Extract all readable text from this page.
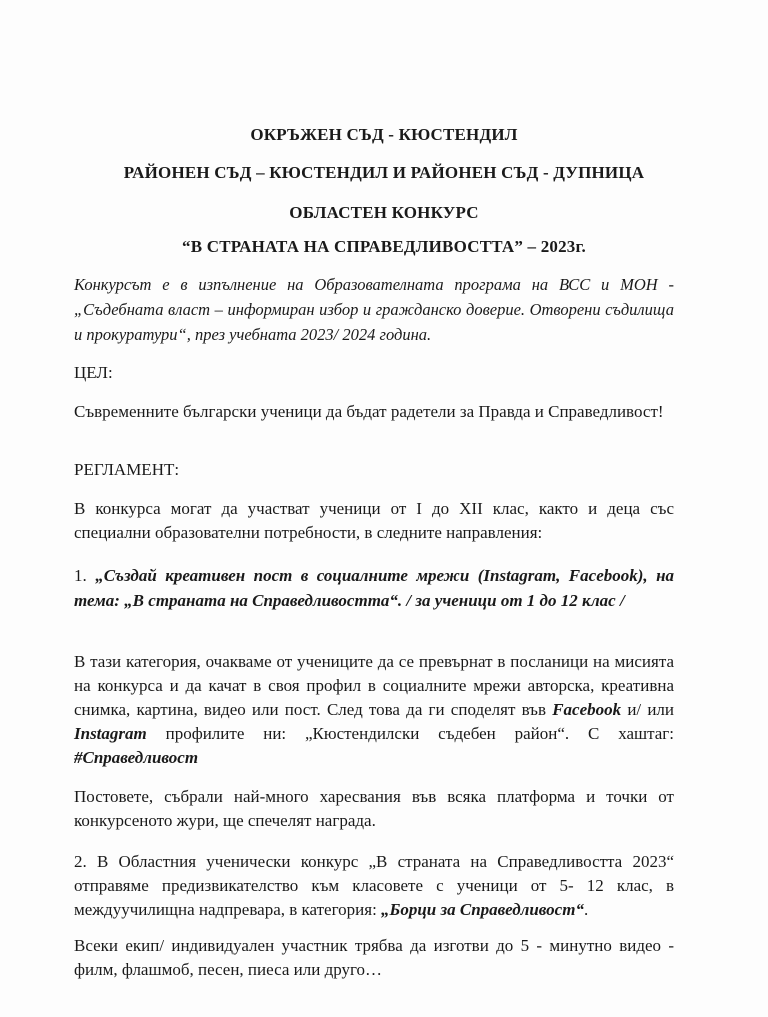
ОКРЪЖЕН СЪД - КЮСТЕНДИЛ
РАЙОНЕН СЪД – КЮСТЕНДИЛ И РАЙОНЕН СЪД - ДУПНИЦА
ОБЛАСТЕН КОНКУРС
“В СТРАНАТА НА СПРАВЕДЛИВОСТТА” – 2023г.
Конкурсът е в изпълнение на Образователната програма на ВСС и МОН - „Съдебната власт – информиран избор и гражданско доверие. Отворени съдилища и прокуратури“, през учебната 2023/ 2024 година.
ЦЕЛ:
Съвременните български ученици да бъдат радетели за Правда и Справедливост!
РЕГЛАМЕНТ:
В конкурса могат да участват ученици от I до XII клас, както и деца със специални образователни потребности, в следните направления:
1. „Създай креативен пост в социалните мрежи (Instagram, Facebook), на тема: „В страната на Справедливостта“. / за ученици от 1 до 12 клас /
В тази категория, очакваме от учениците да се превърнат в посланици на мисията на конкурса и да качат в своя профил в социалните мрежи авторска, креативна снимка, картина, видео или пост. След това да ги споделят във Facebook и/ или Instagram профилите ни: „Кюстендилски съдебен район“. С хаштаг: #Справедливост
Постовете, събрали най-много харесвания във всяка платформа и точки от конкурсеното жури, ще спечелят награда.
2. В Областния ученически конкурс „В страната на Справедливостта 2023“ отправяме предизвикателство към класовете с ученици от 5- 12 клас, в междуучилищна надпревара, в категория: „Борци за Справедливост“.
Всеки екип/ индивидуален участник трябва да изготви до 5 - минутно видео - филм, флашмоб, песен, пиеса или друго…
